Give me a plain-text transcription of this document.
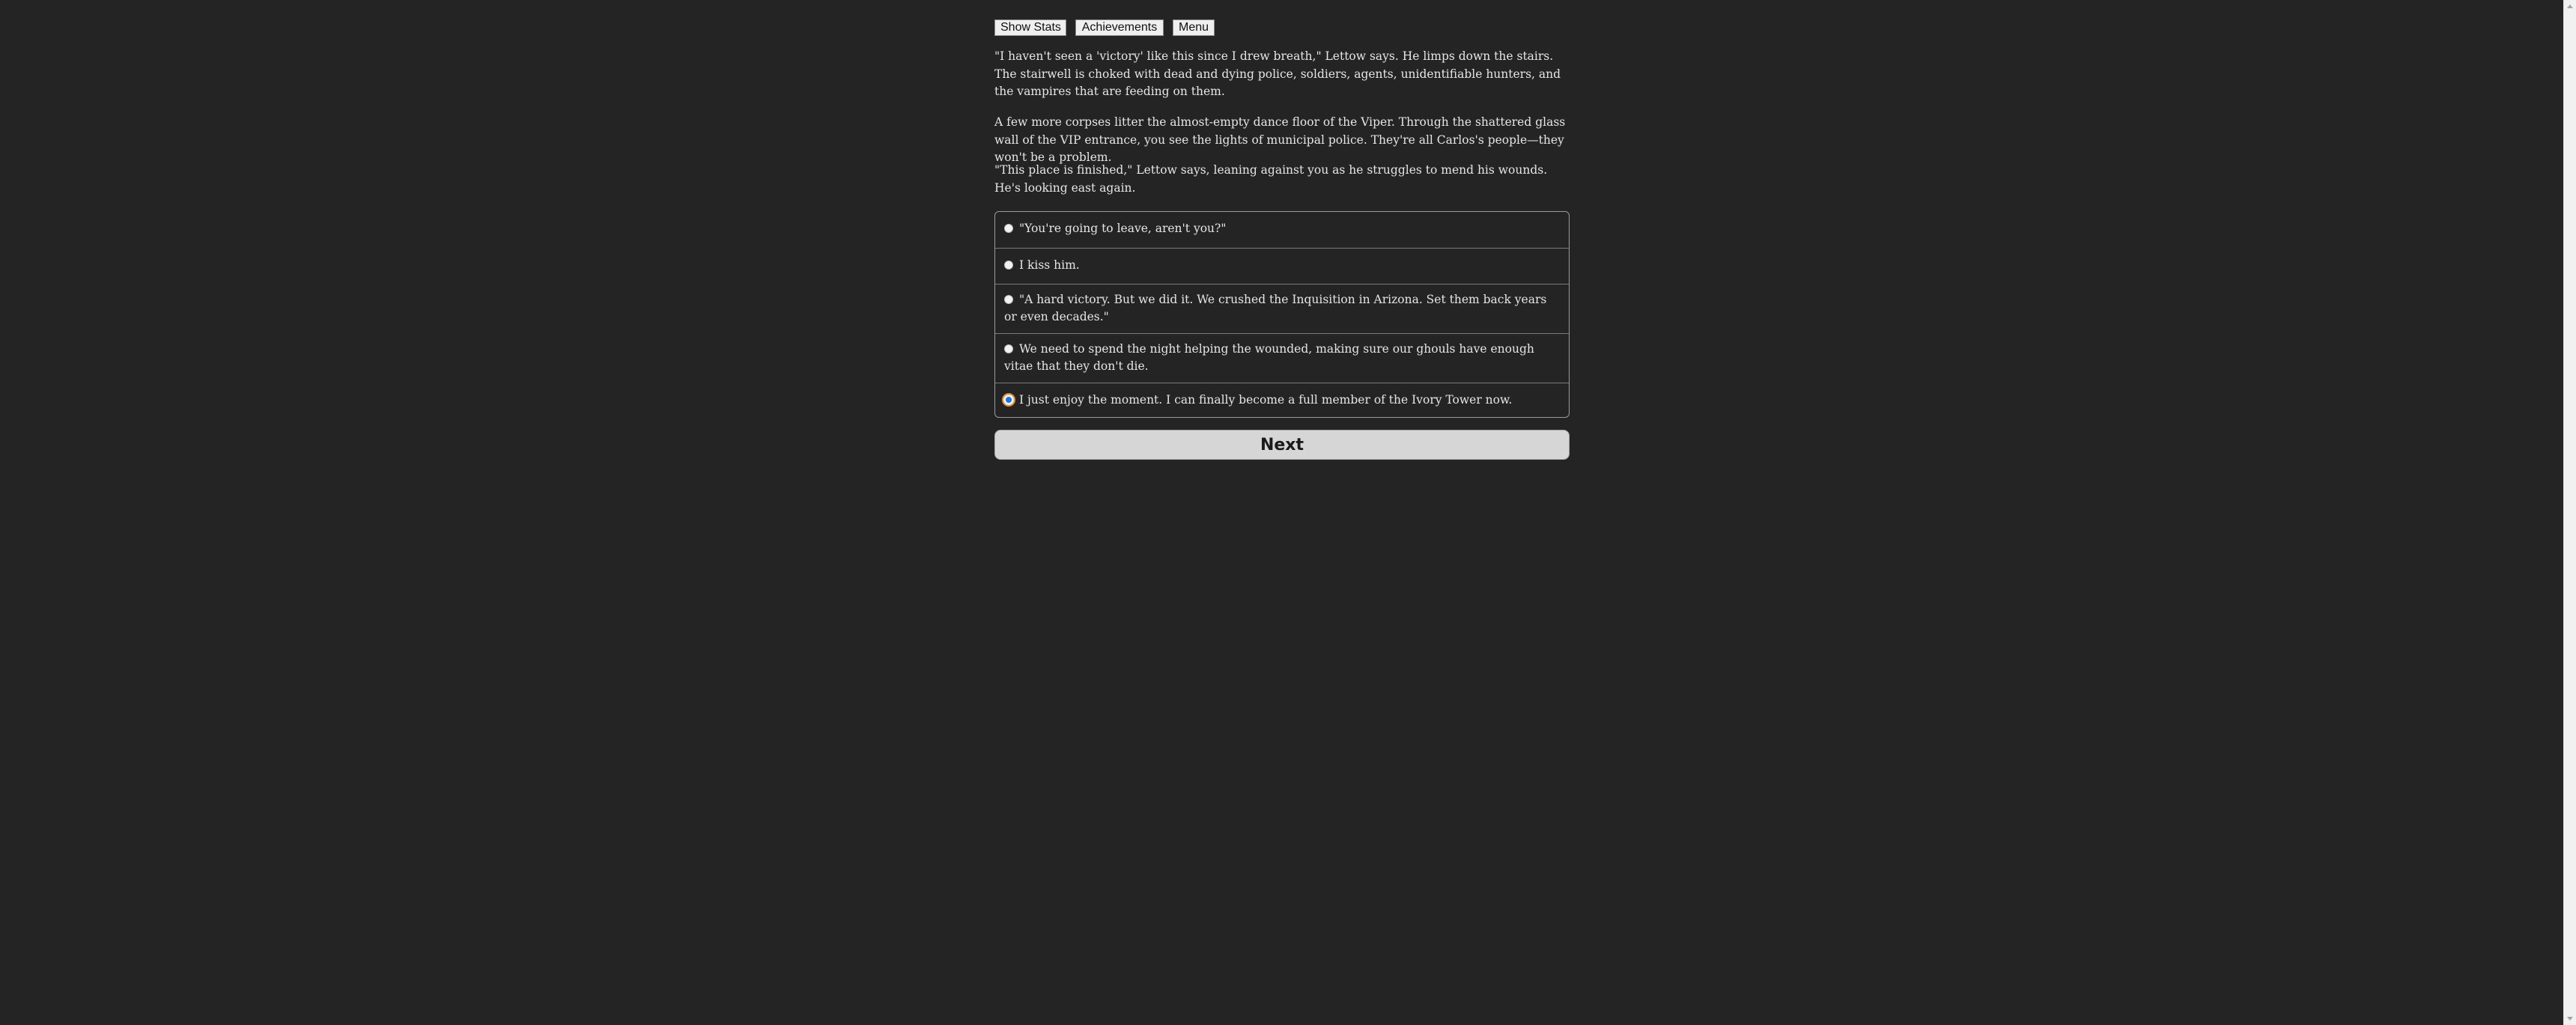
Show Stats	Achievements	Menu

"I haven't seen a 'victory' like this since I drew breath," Lettow says. He limps down the stairs. The stairwell is choked with dead and dying police, soldiers, agents, unidentifiable hunters, and the vampires that are feeding on them.

A few more corpses litter the almost-empty dance floor of the Viper. Through the shattered glass wall of the VIP entrance, you see the lights of municipal police. They're all Carlos's people—they won't be a problem.

"This place is finished," Lettow says, leaning against you as he struggles to mend his wounds. He's looking east again.

"You're going to leave, aren't you?"
I kiss him.
"A hard victory. But we did it. We crushed the Inquisition in Arizona. Set them back years or even decades."
We need to spend the night helping the wounded, making sure our ghouls have enough vitae that they don't die.
I just enjoy the moment. I can finally become a full member of the Ivory Tower now.
Next
